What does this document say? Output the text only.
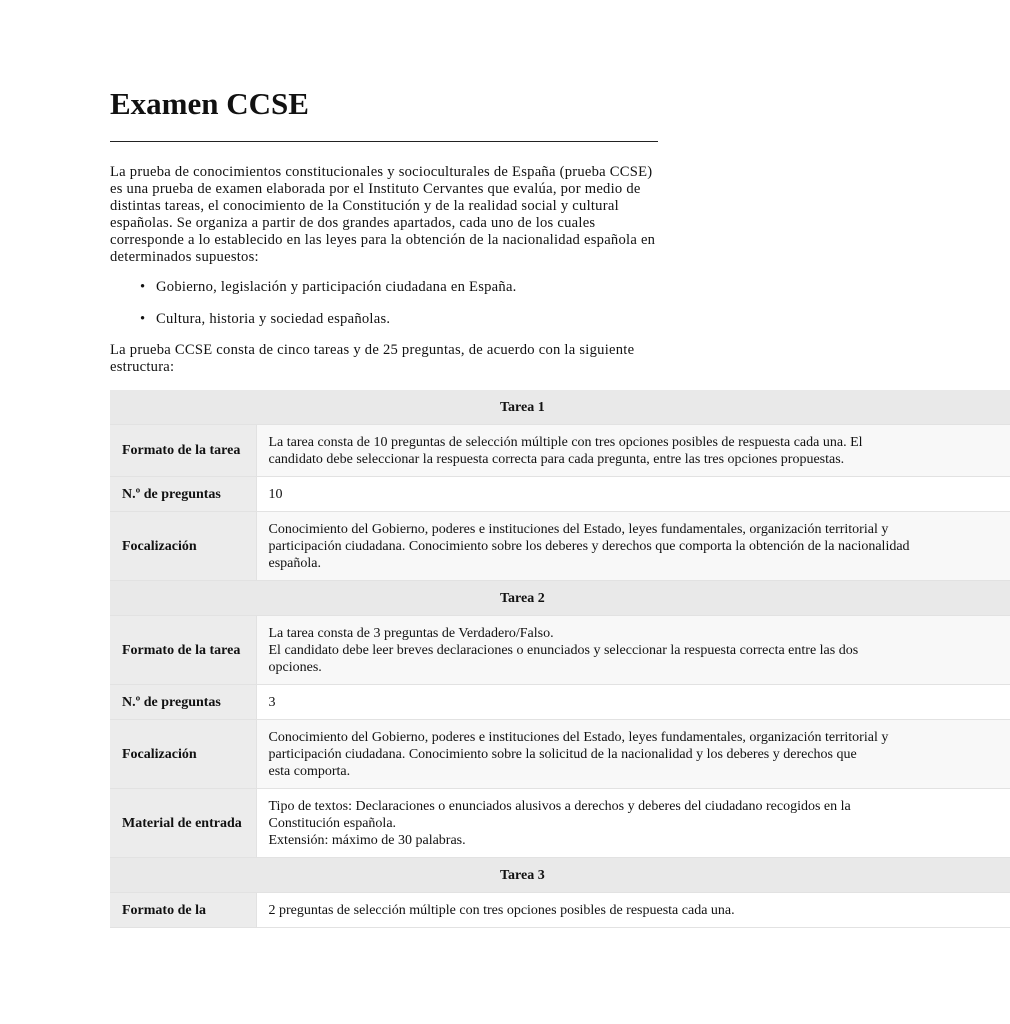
Examen CCSE

La prueba de conocimientos constitucionales y socioculturales de España (prueba CCSE) es una prueba de examen elaborada por el Instituto Cervantes que evalúa, por medio de distintas tareas, el conocimiento de la Constitución y de la realidad social y cultural españolas. Se organiza a partir de dos grandes apartados, cada uno de los cuales corresponde a lo establecido en las leyes para la obtención de la nacionalidad española en determinados supuestos:

• Gobierno, legislación y participación ciudadana en España.
• Cultura, historia y sociedad españolas.

La prueba CCSE consta de cinco tareas y de 25 preguntas, de acuerdo con la siguiente estructura:

Tarea 1	
Formato de la tarea	La tarea consta de 10 preguntas de selección múltiple con tres opciones posibles de respuesta cada una. El
candidato debe seleccionar la respuesta correcta para cada pregunta, entre las tres opciones propuestas.

N.º de preguntas	10
Focalización	Conocimiento del Gobierno, poderes e instituciones del Estado, leyes fundamentales, organización territorial y
participación ciudadana. Conocimiento sobre los deberes y derechos que comporta la obtención de la nacionalidad
española.

Tarea 2	
Formato de la tarea	La tarea consta de 3 preguntas de Verdadero/Falso.
El candidato debe leer breves declaraciones o enunciados y seleccionar la respuesta correcta entre las dos
opciones.

N.º de preguntas	3
Focalización	Conocimiento del Gobierno, poderes e instituciones del Estado, leyes fundamentales, organización territorial y
participación ciudadana. Conocimiento sobre la solicitud de la nacionalidad y los deberes y derechos que
esta comporta.

Material de entrada	Tipo de textos: Declaraciones o enunciados alusivos a derechos y deberes del ciudadano recogidos en la
Constitución española.
Extensión: máximo de 30 palabras.

Tarea 3	
Formato de la	2 preguntas de selección múltiple con tres opciones posibles de respuesta cada una.
